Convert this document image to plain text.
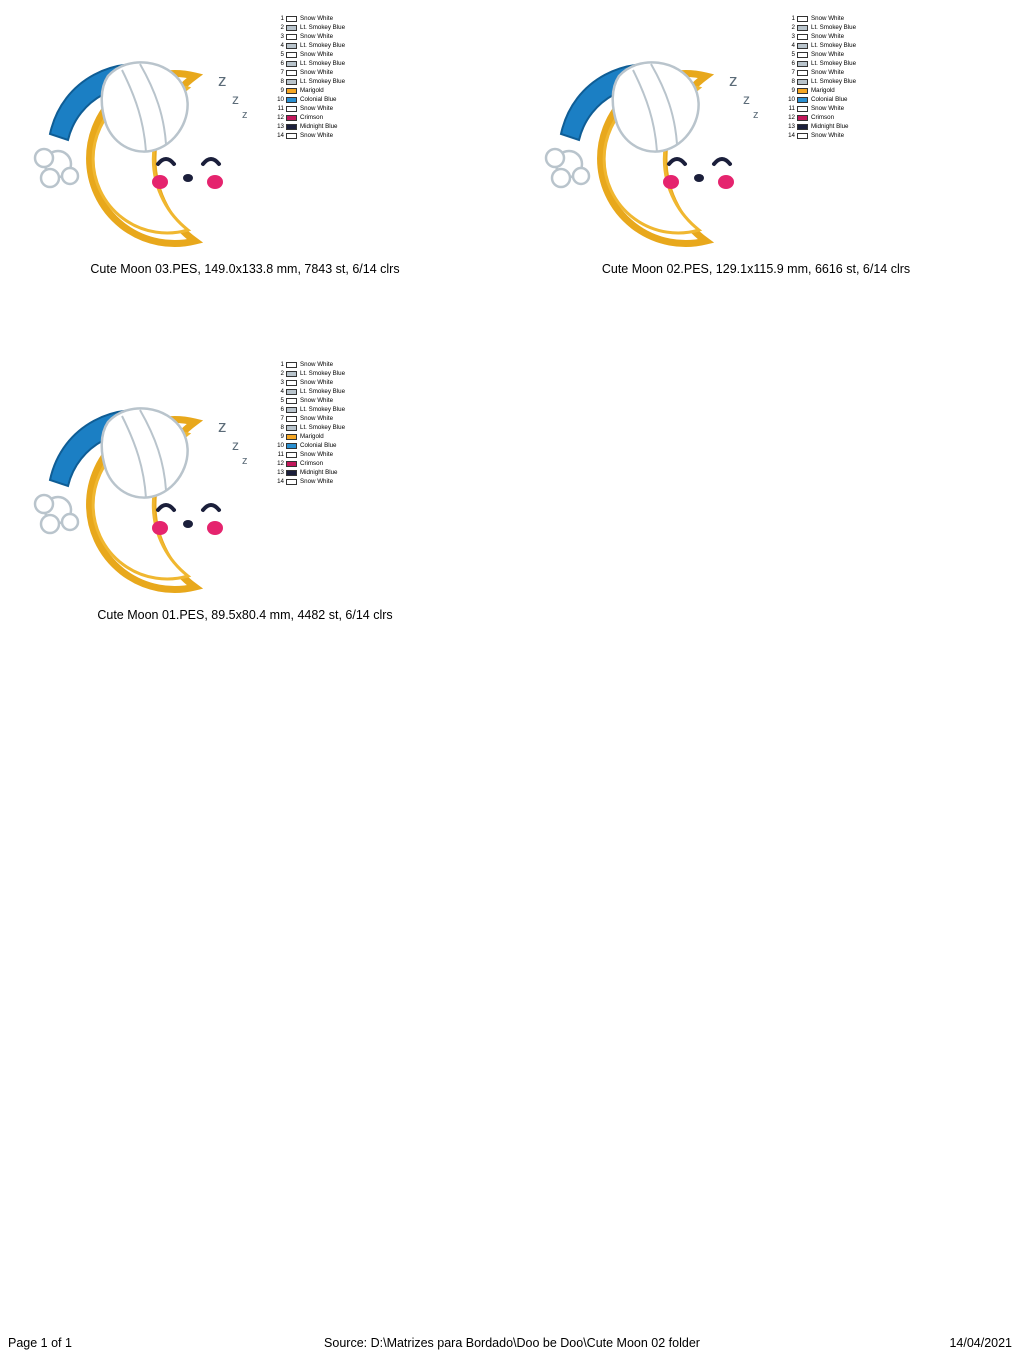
z
z
z
1	Snow White
2	Lt. Smokey Blue
3	Snow White
4	Lt. Smokey Blue
5	Snow White
6	Lt. Smokey Blue
7	Snow White
8	Lt. Smokey Blue
9	Marigold
10	Colonial Blue
11	Snow White
12	Crimson
13	Midnight Blue
14	Snow White
Cute Moon 03.PES, 149.0x133.8 mm, 7843 st, 6/14 clrs
z
z
z
1	Snow White
2	Lt. Smokey Blue
3	Snow White
4	Lt. Smokey Blue
5	Snow White
6	Lt. Smokey Blue
7	Snow White
8	Lt. Smokey Blue
9	Marigold
10	Colonial Blue
11	Snow White
12	Crimson
13	Midnight Blue
14	Snow White
Cute Moon 02.PES, 129.1x115.9 mm, 6616 st, 6/14 clrs
z
z
z
1	Snow White
2	Lt. Smokey Blue
3	Snow White
4	Lt. Smokey Blue
5	Snow White
6	Lt. Smokey Blue
7	Snow White
8	Lt. Smokey Blue
9	Marigold
10	Colonial Blue
11	Snow White
12	Crimson
13	Midnight Blue
14	Snow White
Cute Moon 01.PES, 89.5x80.4 mm, 4482 st, 6/14 clrs
Page 1 of 1	Source: D:\Matrizes para Bordado\Doo be Doo\Cute Moon 02 folder	14/04/2021
